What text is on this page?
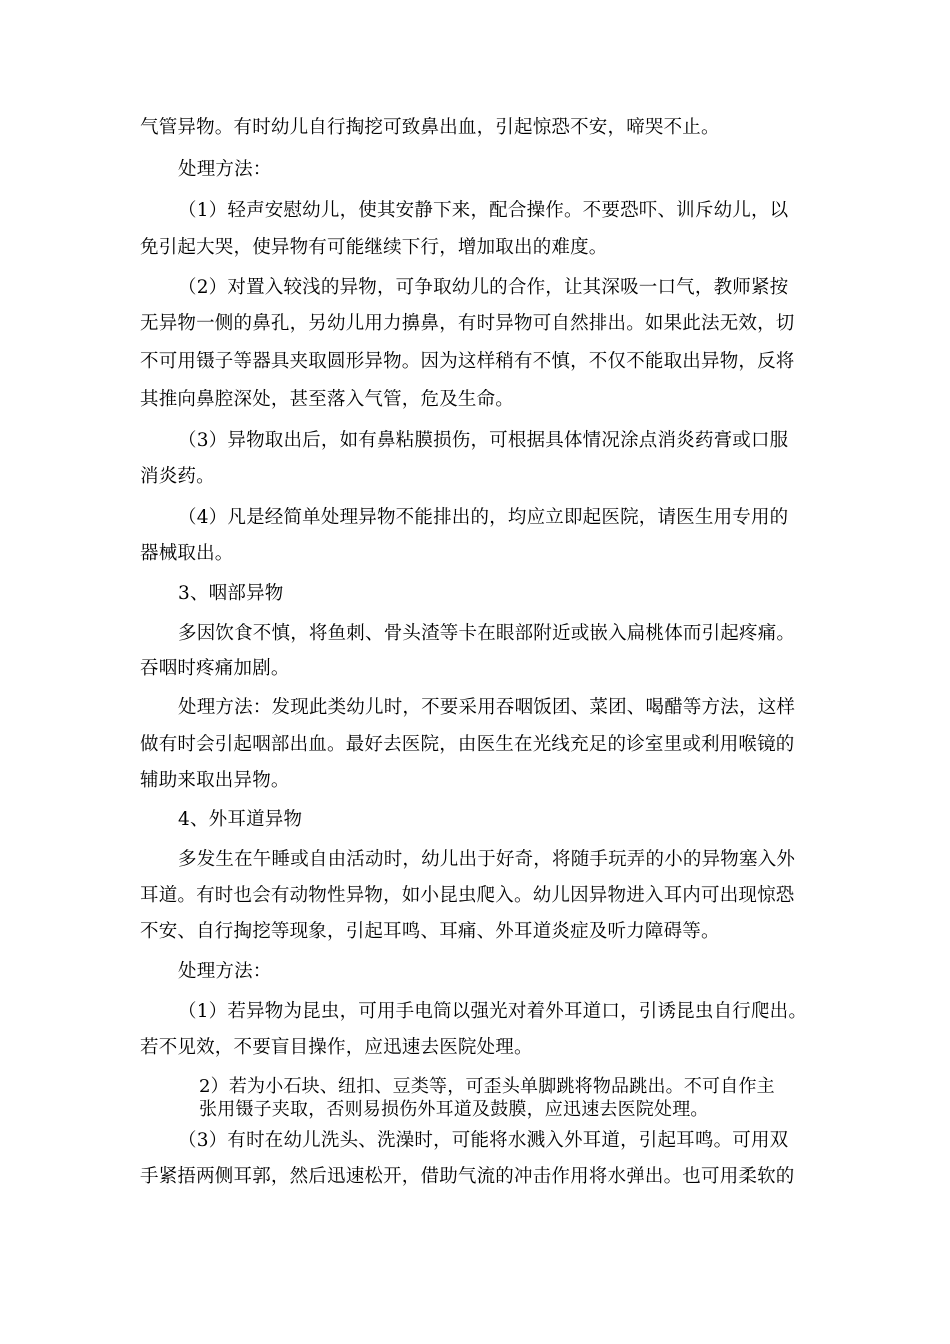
气管异物。有时幼儿自行掏挖可致鼻出血，引起惊恐不安，啼哭不止。
处理方法：
（1）轻声安慰幼儿，使其安静下来，配合操作。不要恐吓、训斥幼儿，以
免引起大哭，使异物有可能继续下行，增加取出的难度。
（2）对置入较浅的异物，可争取幼儿的合作，让其深吸一口气，教师紧按
无异物一侧的鼻孔，另幼儿用力擤鼻，有时异物可自然排出。如果此法无效，切
不可用镊子等器具夹取圆形异物。因为这样稍有不慎，不仅不能取出异物，反将
其推向鼻腔深处，甚至落入气管，危及生命。
（3）异物取出后，如有鼻粘膜损伤，可根据具体情况涂点消炎药膏或口服
消炎药。
（4）凡是经简单处理异物不能排出的，均应立即起医院，请医生用专用的
器械取出。
3、咽部异物
多因饮食不慎，将鱼刺、骨头渣等卡在眼部附近或嵌入扁桃体而引起疼痛。
吞咽时疼痛加剧。
处理方法：发现此类幼儿时，不要采用吞咽饭团、菜团、喝醋等方法，这样
做有时会引起咽部出血。最好去医院，由医生在光线充足的诊室里或利用喉镜的
辅助来取出异物。
4、外耳道异物
多发生在午睡或自由活动时，幼儿出于好奇，将随手玩弄的小的异物塞入外
耳道。有时也会有动物性异物，如小昆虫爬入。幼儿因异物进入耳内可出现惊恐
不安、自行掏挖等现象，引起耳鸣、耳痛、外耳道炎症及听力障碍等。
处理方法：
（1）若异物为昆虫，可用手电筒以强光对着外耳道口，引诱昆虫自行爬出。
若不见效，不要盲目操作，应迅速去医院处理。
2）若为小石块、纽扣、豆类等，可歪头单脚跳将物品跳出。不可自作主
张用镊子夹取，否则易损伤外耳道及鼓膜，应迅速去医院处理。
（3）有时在幼儿洗头、洗澡时，可能将水溅入外耳道，引起耳鸣。可用双
手紧捂两侧耳郭，然后迅速松开，借助气流的冲击作用将水弹出。也可用柔软的
